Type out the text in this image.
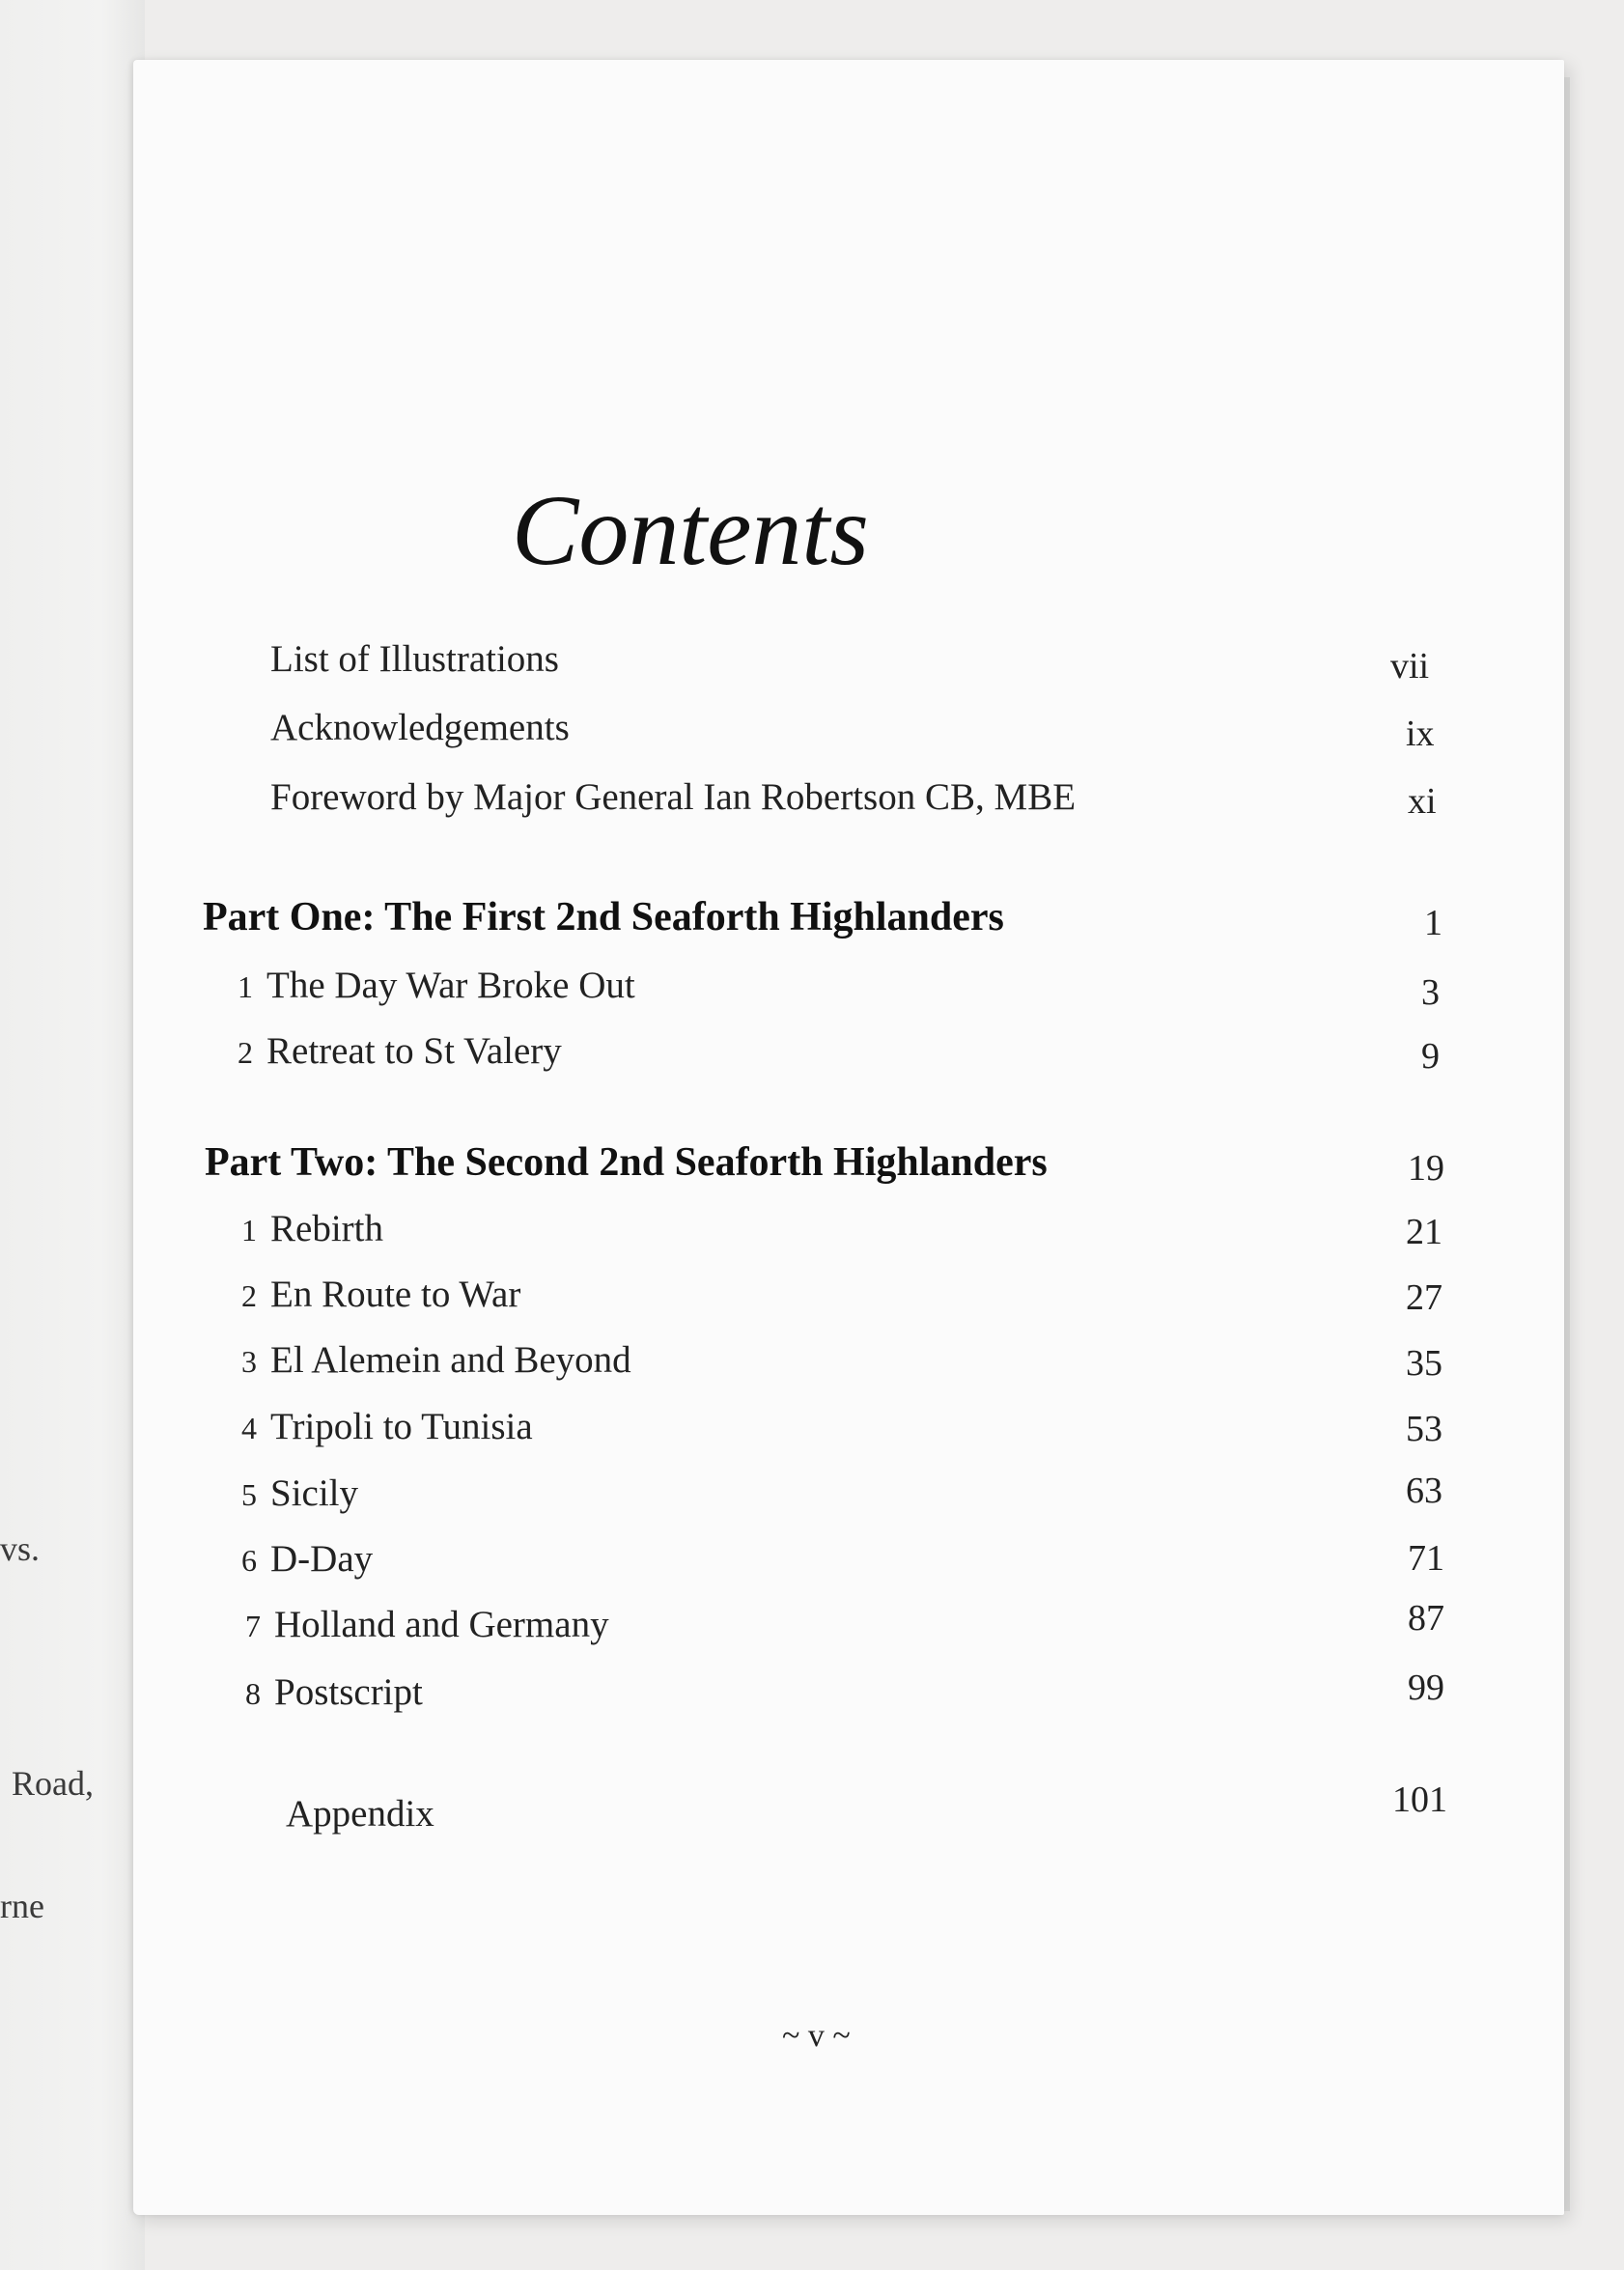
vs.
Road,
rne
Contents
List of Illustrations	vii
Acknowledgements	ix
Foreword by Major General Ian Robertson CB, MBE	xi
Part One: The First 2nd Seaforth Highlanders	1
1 The Day War Broke Out	3
2 Retreat to St Valery	9
Part Two: The Second 2nd Seaforth Highlanders	19
1 Rebirth	21
2 En Route to War	27
3 El Alemein and Beyond	35
4 Tripoli to Tunisia	53
5 Sicily	63
6 D-Day	71
7 Holland and Germany	87
8 Postscript	99
Appendix	101
~ v ~
